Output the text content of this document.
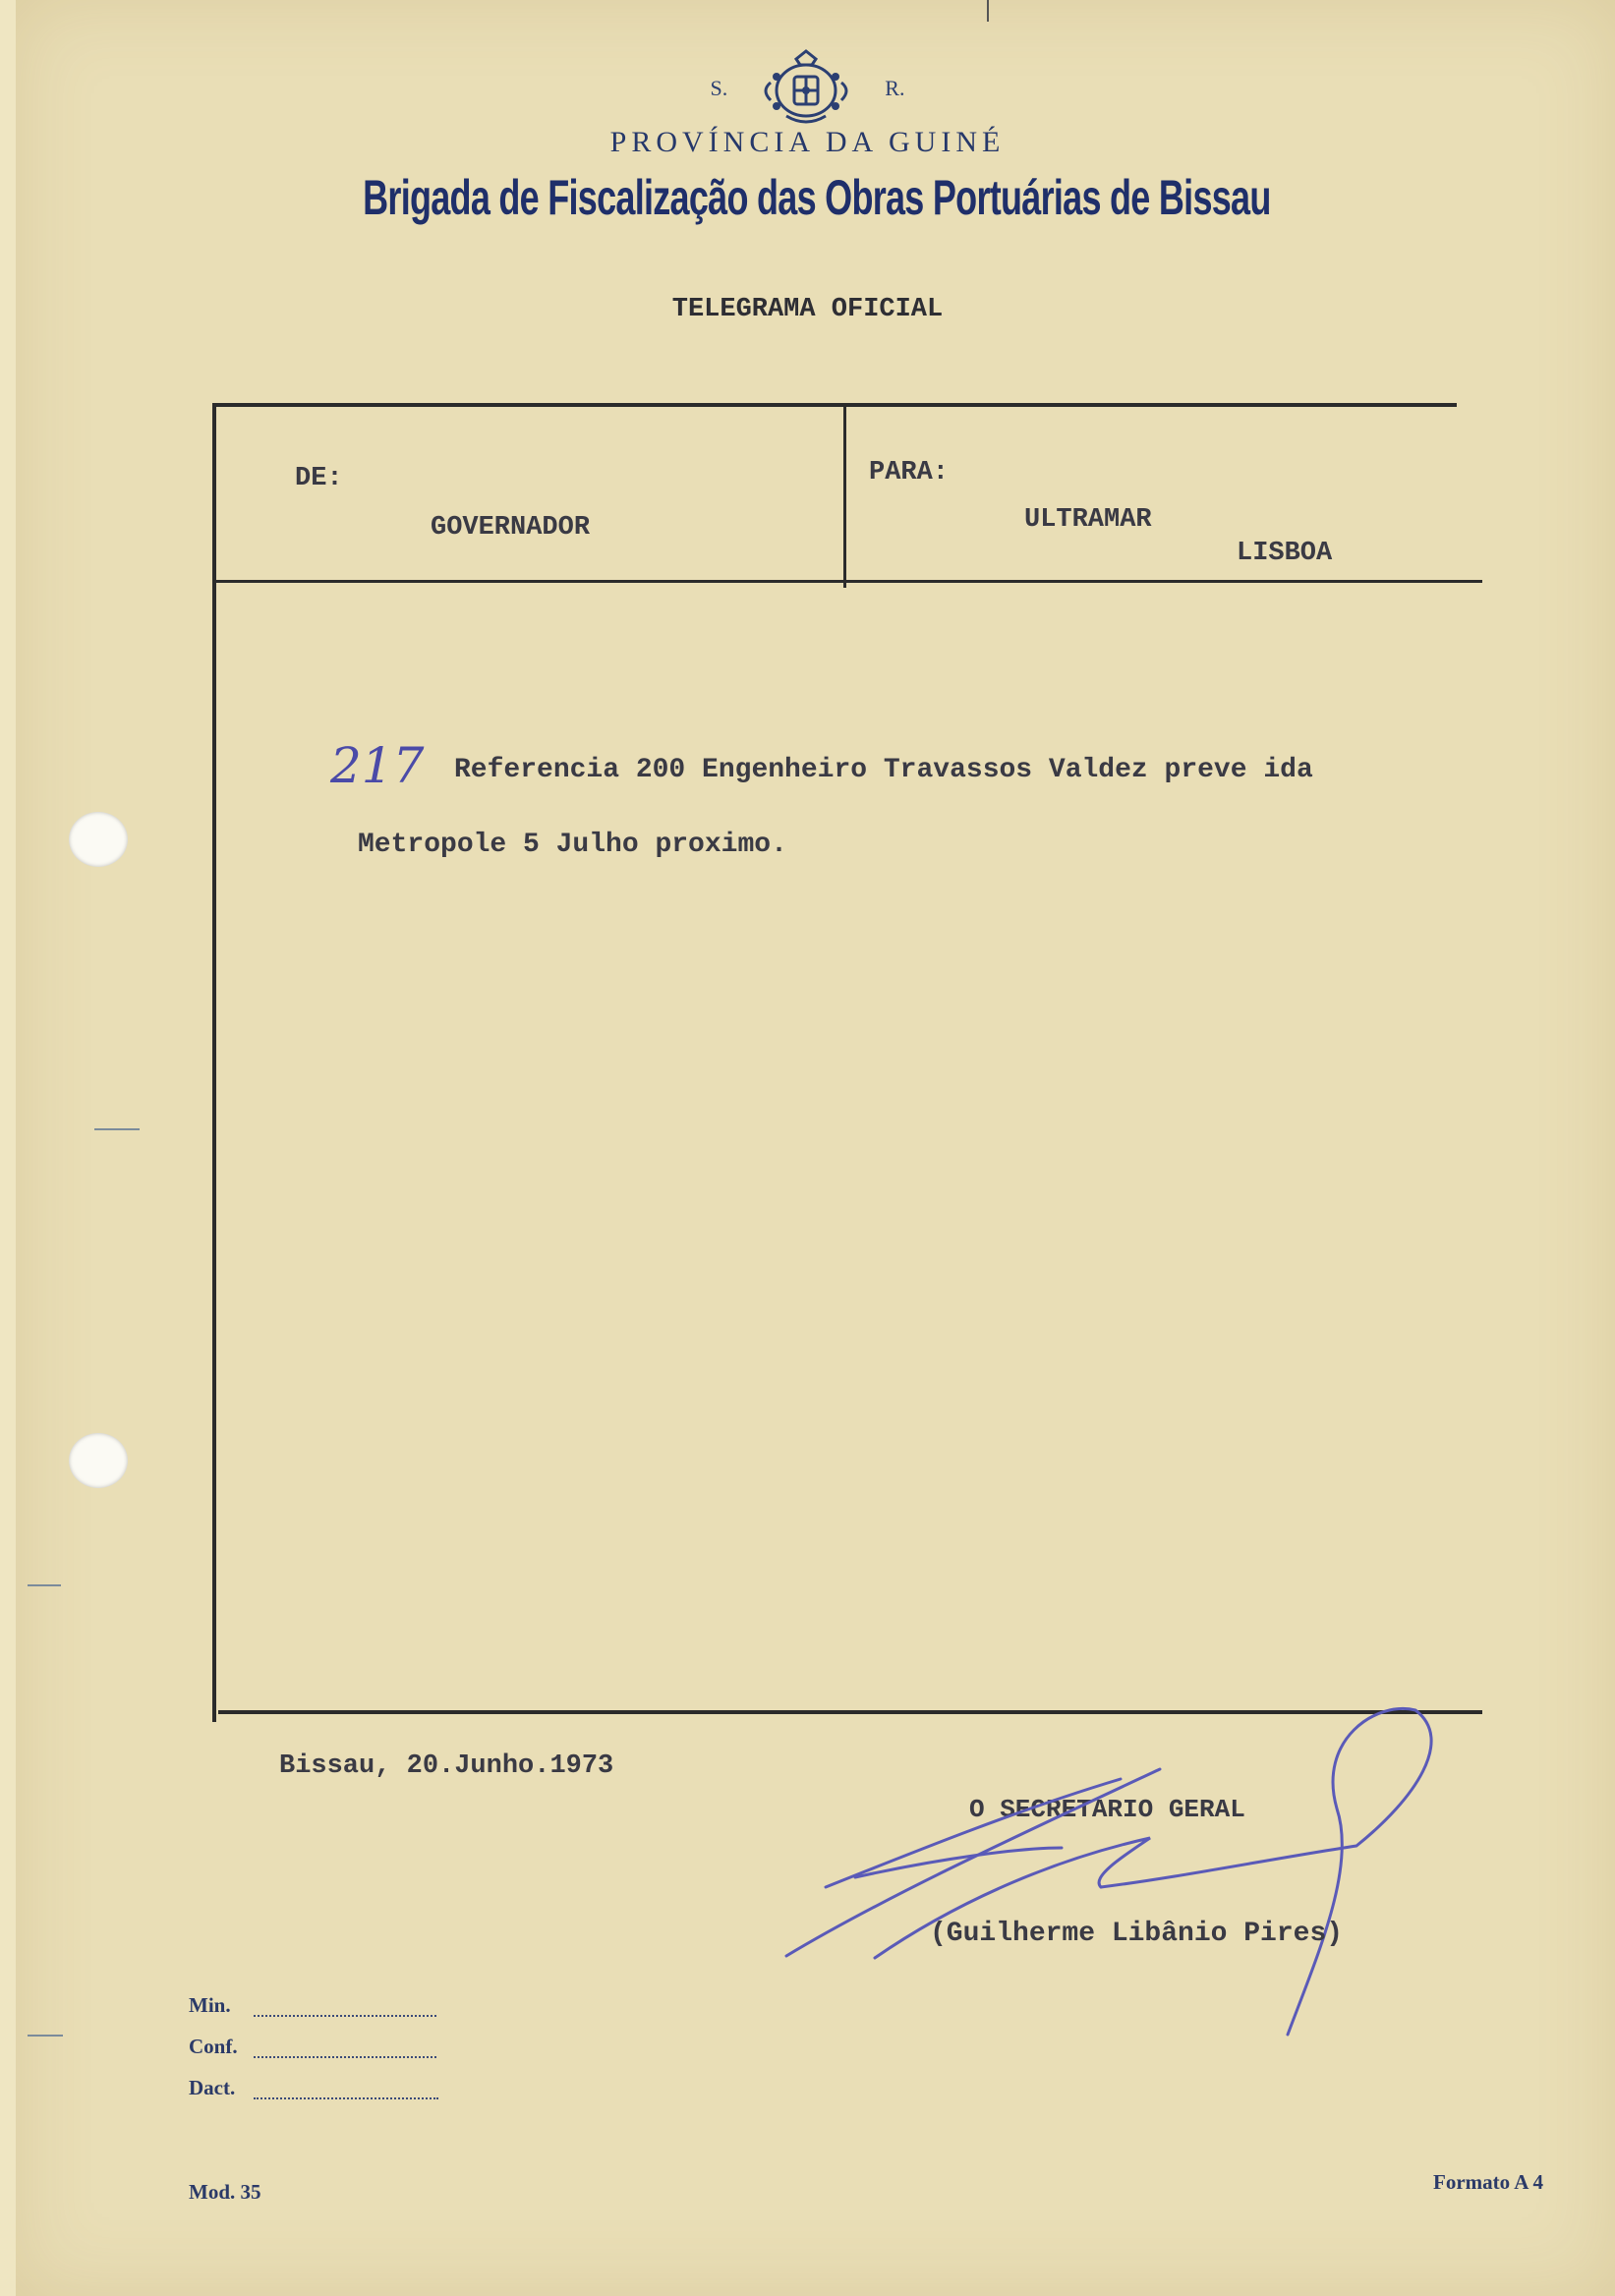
S.	R.
PROVÍNCIA DA GUINÉ
Brigada de Fiscalização das Obras Portuárias de Bissau
TELEGRAMA OFICIAL
DE:
GOVERNADOR
PARA:
ULTRAMAR
LISBOA
217 Referencia 200 Engenheiro Travassos Valdez preve ida
Metropole 5 Julho proximo.
Bissau, 20.Junho.1973
O SECRETÁRIO GERAL
(Guilherme Libânio Pires)
Min.
Conf.
Dact.
Mod. 35	Formato A 4
